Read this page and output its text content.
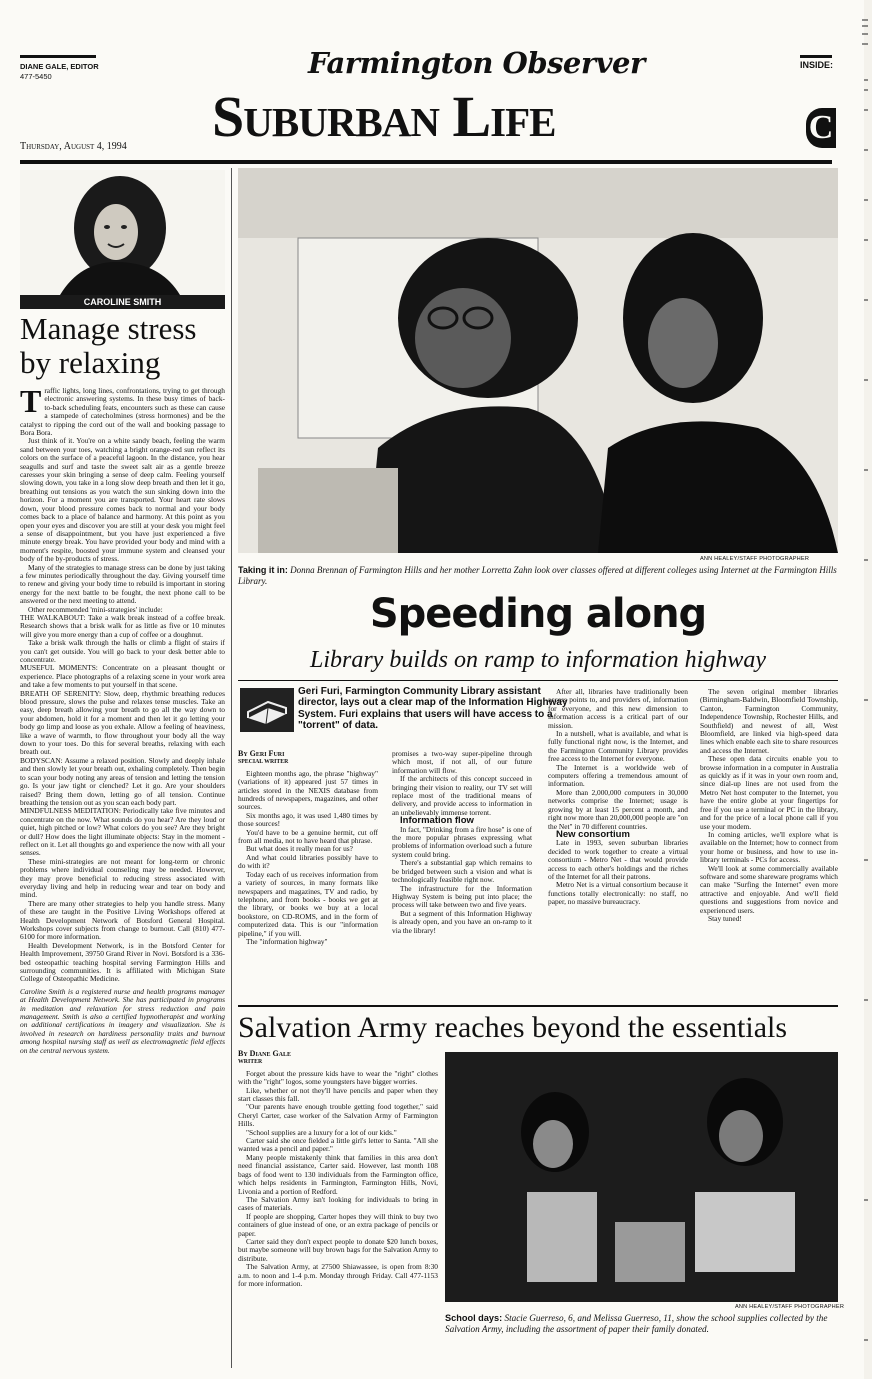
DIANE GALE, EDITOR
477-5450	Farmington Observer
Suburban Life
Thursday, August 4, 1994
INSIDE:
C
CAROLINE SMITH
Manage stress
by relaxing

Traffic lights, long lines, confrontations, trying to get through electronic answering systems. In these busy times of back-to-back scheduling feats, encounters such as these can cause a stampede of catecholmines (stress hormones) and be the catalyst to ripping the cord out of the wall and booking passage to Bora Bora.

Just think of it. You're on a white sandy beach, feeling the warm sand between your toes, watching a bright orange-red sun reflect its colors on the surface of a peaceful lagoon. In the distance, you hear seagulls and surf and taste the sweet salt air as a gentle breeze caresses your skin bringing a sense of deep calm. Feeling yourself slowing down, you take in a long slow deep breath and then let it go, breathing out tensions as you watch the sun sinking down into the horizon. For a moment you are transported. Your heart rate slows down, your blood pressure comes back to normal and your body comes back to a place of balance and harmony. At this point as you open your eyes and discover you are still at your desk you might feel a sense of disappointment, but you have just experienced a five minute energy break. You have provided your body and mind with a moment's respite, boosted your immune system and cleansed your body of the by-products of stress.

Many of the strategies to manage stress can be done by just taking a few minutes periodically throughout the day. Giving yourself time to renew and giving your body time to rebuild is important in storing energy for the next battle to be fought, the next phone call to be answered or the next meeting to attend.

Other recommended 'mini-strategies' include:

THE WALKABOUT: Take a walk break instead of a coffee break. Research shows that a brisk walk for as little as five or 10 minutes will give you more energy than a cup of coffee or a doughnut.

Take a brisk walk through the halls or climb a flight of stairs if you can't get outside. You will go back to your desk better able to concentrate.

MUSEFUL MOMENTS: Concentrate on a pleasant thought or experience. Place photographs of a relaxing scene in your work area and take a few moments to put yourself in that scene.

BREATH OF SERENITY: Slow, deep, rhythmic breathing reduces blood pressure, slows the pulse and relaxes tense muscles. Take an easy, deep breath allowing your breath to go all the way down to your abdomen, hold it for a moment and then let it go letting your body go limp and loose as you exhale. Allow a feeling of heaviness, like a wave of warmth, to flow throughout your body all the way down to your toes. Do this for several breaths, relaxing with each breath out.

BODYSCAN: Assume a relaxed position. Slowly and deeply inhale and then slowly let your breath out, exhaling completely. Then begin to scan your body noting any areas of tension and letting the tension go. Is your jaw tight or clenched? Let it go. Are your shoulders raised? Bring them down, letting go of all tension. Continue breathing the tension out as you scan each body part.

MINDFULNESS MEDITATION: Periodically take five minutes and concentrate on the now. What sounds do you hear? Are they loud or quiet, high pitched or low? What colors do you see? Are they bright or dull? How does the light illuminate objects: Stay in the moment - reflect on it. Let all thoughts go and experience the now with all your senses.

These mini-strategies are not meant for long-term or chronic problems where individual counseling may be needed. However, they may prove beneficial to reducing stress associated with everyday living and help in reducing wear and tear on body and mind.

There are many other strategies to help you handle stress. Many of these are taught in the Positive Living Workshops offered at Health Development Network of Botsford General Hospital. Workshops cover subjects from change to burnout. Call (810) 477-6100 for more information.

Health Development Network, is in the Botsford Center for Health Improvement, 39750 Grand River in Novi. Botsford is a 336-bed osteopathic teaching hospital serving Farmington Hills and surrounding communities. It is affiliated with Michigan State College of Osteopathic Medicine.

Caroline Smith is a registered nurse and health programs manager at Health Development Network. She has participated in programs in meditation and relaxation for stress reduction and pain management. Smith is also a certified hypnotherapist and working on additional certifications in imagery and visualization. She is involved in research on hardiness personality traits and burnout among hospital nursing staff as well as electromagnetic field effects on the central nervous system.

ANN HEALEY/STAFF PHOTOGRAPHER
Taking it in: Donna Brennan of Farmington Hills and her mother Lorretta Zahn look over classes offered at different colleges using Internet at the Farmington Hills Library.
Speeding along
Library builds on ramp to information highway
Geri Furi, Farmington Community Library assistant director, lays out a clear map of the Information Highway System. Furi explains that users will have access to a "torrent" of data.

By Geri Furi

SPECIAL WRITER

Eighteen months ago, the phrase "highway" (variations of it) appeared just 57 times in articles stored in the NEXIS database from hundreds of newspapers, magazines, and other sources.

Six months ago, it was used 1,480 times by those sources!

You'd have to be a genuine hermit, cut off from all media, not to have heard that phrase.

But what does it really mean for us?

And what could libraries possibly have to do with it?

Today each of us receives information from a variety of sources, in many formats like newspapers and magazines, TV and radio, by telephone, and from books - books we get at the library, or books we buy at a local bookstore, on CD-ROMS, and in the form of computerized data. This is our "information pipeline," if you will.

The "information highway"

promises a two-way super-pipeline through which most, if not all, of our future information will flow.

If the architects of this concept succeed in bringing their vision to reality, our TV set will replace most of the traditional means of delivery, and provide access to information in an unbelievably immense torrent.

Information flow

In fact, "Drinking from a fire hose" is one of the more popular phrases expressing what problems of information overload such a future system could bring.

There's a substantial gap which remains to be bridged between such a vision and what is technologically feasible right now.

The infrastructure for the Information Highway System is being put into place; the process will take between two and five years.

But a segment of this Information Highway is already open, and you have an on-ramp to it via the library!

After all, libraries have traditionally been access points to, and providers of, information for everyone, and this new dimension to information access is a critical part of our mission.

In a nutshell, what is available, and what is fully functional right now, is the Internet, and the Farmington Community Library provides free access to the Internet for everyone.

The Internet is a worldwide web of computers offering a tremendous amount of information.

More than 2,000,000 computers in 30,000 networks comprise the Internet; usage is growing by at least 15 percent a month, and right now more than 20,000,000 people are "on the Net" in 70 different countries.

New consortium

Late in 1993, seven suburban libraries decided to work together to create a virtual consortium - Metro Net - that would provide access to each other's holdings and the riches of the Internet for all their patrons.

Metro Net is a virtual consortium because it functions totally electronically: no staff, no paper, no massive bureaucracy.

The seven original member libraries (Birmingham-Baldwin, Bloomfield Township, Canton, Farmington Community, Independence Township, Rochester Hills, and Southfield) and newest of all, West Bloomfield, are linked via high-speed data lines which enable each site to share resources and access the Internet.

These open data circuits enable you to browse information in a computer in Australia as quickly as if it was in your own room and, since dial-up lines are not used from the Metro Net host computer to the Internet, you have the entire globe at your fingertips for free if you use a terminal or PC in the library, and for the price of a local phone call if you use your modem.

In coming articles, we'll explore what is available on the Internet; how to connect from your home or business, and how to use in-library terminals - PCs for access.

We'll look at some commercially available software and some shareware programs which can make "Surfing the Internet" even more attractive and enjoyable. And we'll field questions and suggestions from novice and experienced users.

Stay tuned!

Salvation Army reaches beyond the essentials

By Diane Gale

WRITER

Forget about the pressure kids have to wear the "right" clothes with the "right" logos, some youngsters have bigger worries.

Like, whether or not they'll have pencils and paper when they start classes this fall.

"Our parents have enough trouble getting food together," said Cheryl Carter, case worker of the Salvation Army of Farmington Hills.

"School supplies are a luxury for a lot of our kids."

Carter said she once fielded a little girl's letter to Santa. "All she wanted was a pencil and paper."

Many people mistakenly think that families in this area don't need financial assistance, Carter said. However, last month 108 bags of food went to 130 individuals from the Farmington office, which helps residents in Farmington, Farmington Hills, Novi, Livonia and a portion of Redford.

The Salvation Army isn't looking for individuals to bring in cases of materials.

If people are shopping, Carter hopes they will think to buy two containers of glue instead of one, or an extra package of pencils or paper.

Carter said they don't expect people to donate $20 lunch boxes, but maybe someone will buy brown bags for the Salvation Army to distribute.

The Salvation Army, at 27500 Shiawassee, is open from 8:30 a.m. to noon and 1-4 p.m. Monday through Friday. Call 477-1153 for more information.

ANN HEALEY/STAFF PHOTOGRAPHER
School days: Stacie Guerreso, 6, and Melissa Guerreso, 11, show the school supplies collected by the Salvation Army, including the assortment of paper their family donated.
